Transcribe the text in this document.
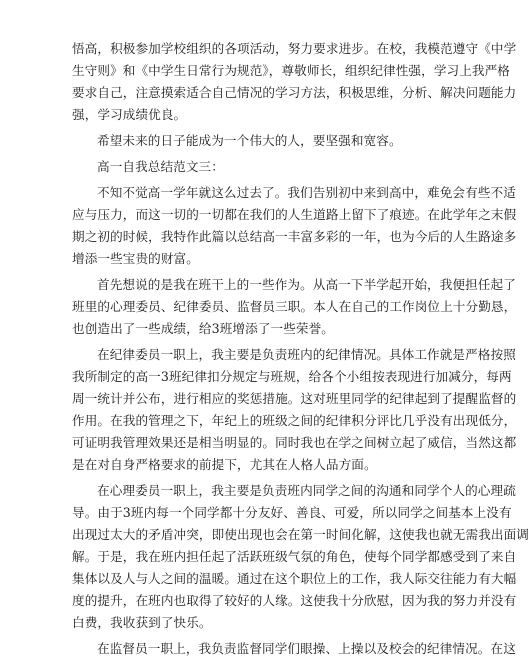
悟高，积极参加学校组织的各项活动，努力要求进步。在校，我模范遵守《中学
生守则》和《中学生日常行为规范》，尊敬师长，组织纪律性强，学习上我严格
要求自己，注意摸索适合自己情况的学习方法，积极思维，分析、解决问题能力
强，学习成绩优良。
希望未来的日子能成为一个伟大的人，要坚强和宽容。
高一自我总结范文三：
不知不觉高一学年就这么过去了。我们告别初中来到高中，难免会有些不适
应与压力，而这一切的一切都在我们的人生道路上留下了痕迹。在此学年之末假
期之初的时候，我特作此篇以总结高一丰富多彩的一年，也为今后的人生路途多
增添一些宝贵的财富。
首先想说的是我在班干上的一些作为。从高一下半学起开始，我便担任起了
班里的心理委员、纪律委员、监督员三职。本人在自己的工作岗位上十分勤恳，
也创造出了一些成绩，给3班增添了一些荣誉。
在纪律委员一职上，我主要是负责班内的纪律情况。具体工作就是严格按照
我所制定的高一3班纪律扣分规定与班规，给各个小组按表现进行加减分，每两
周一统计并公布，进行相应的奖惩措施。这对班里同学的纪律起到了提醒监督的
作用。在我的管理之下，年纪上的班级之间的纪律积分评比几乎没有出现低分，
可证明我管理效果还是相当明显的。同时我也在学之间树立起了威信，当然这都
是在对自身严格要求的前提下，尤其在人格人品方面。
在心理委员一职上，我主要是负责班内同学之间的沟通和同学个人的心理疏
导。由于3班内每一个同学都十分友好、善良、可爱，所以同学之间基本上没有
出现过太大的矛盾冲突，即使出现也会在第一时间化解，这使我也就无需我出面调
解。于是，我在班内担任起了活跃班级气氛的角色，使每个同学都感受到了来自
集体以及人与人之间的温暖。通过在这个职位上的工作，我人际交往能力有大幅
度的提升，在班内也取得了较好的人缘。这使我十分欣慰，因为我的努力并没有
白费，我收获到了快乐。
在监督员一职上，我负责监督同学们眼操、上操以及校会的纪律情况。在这
